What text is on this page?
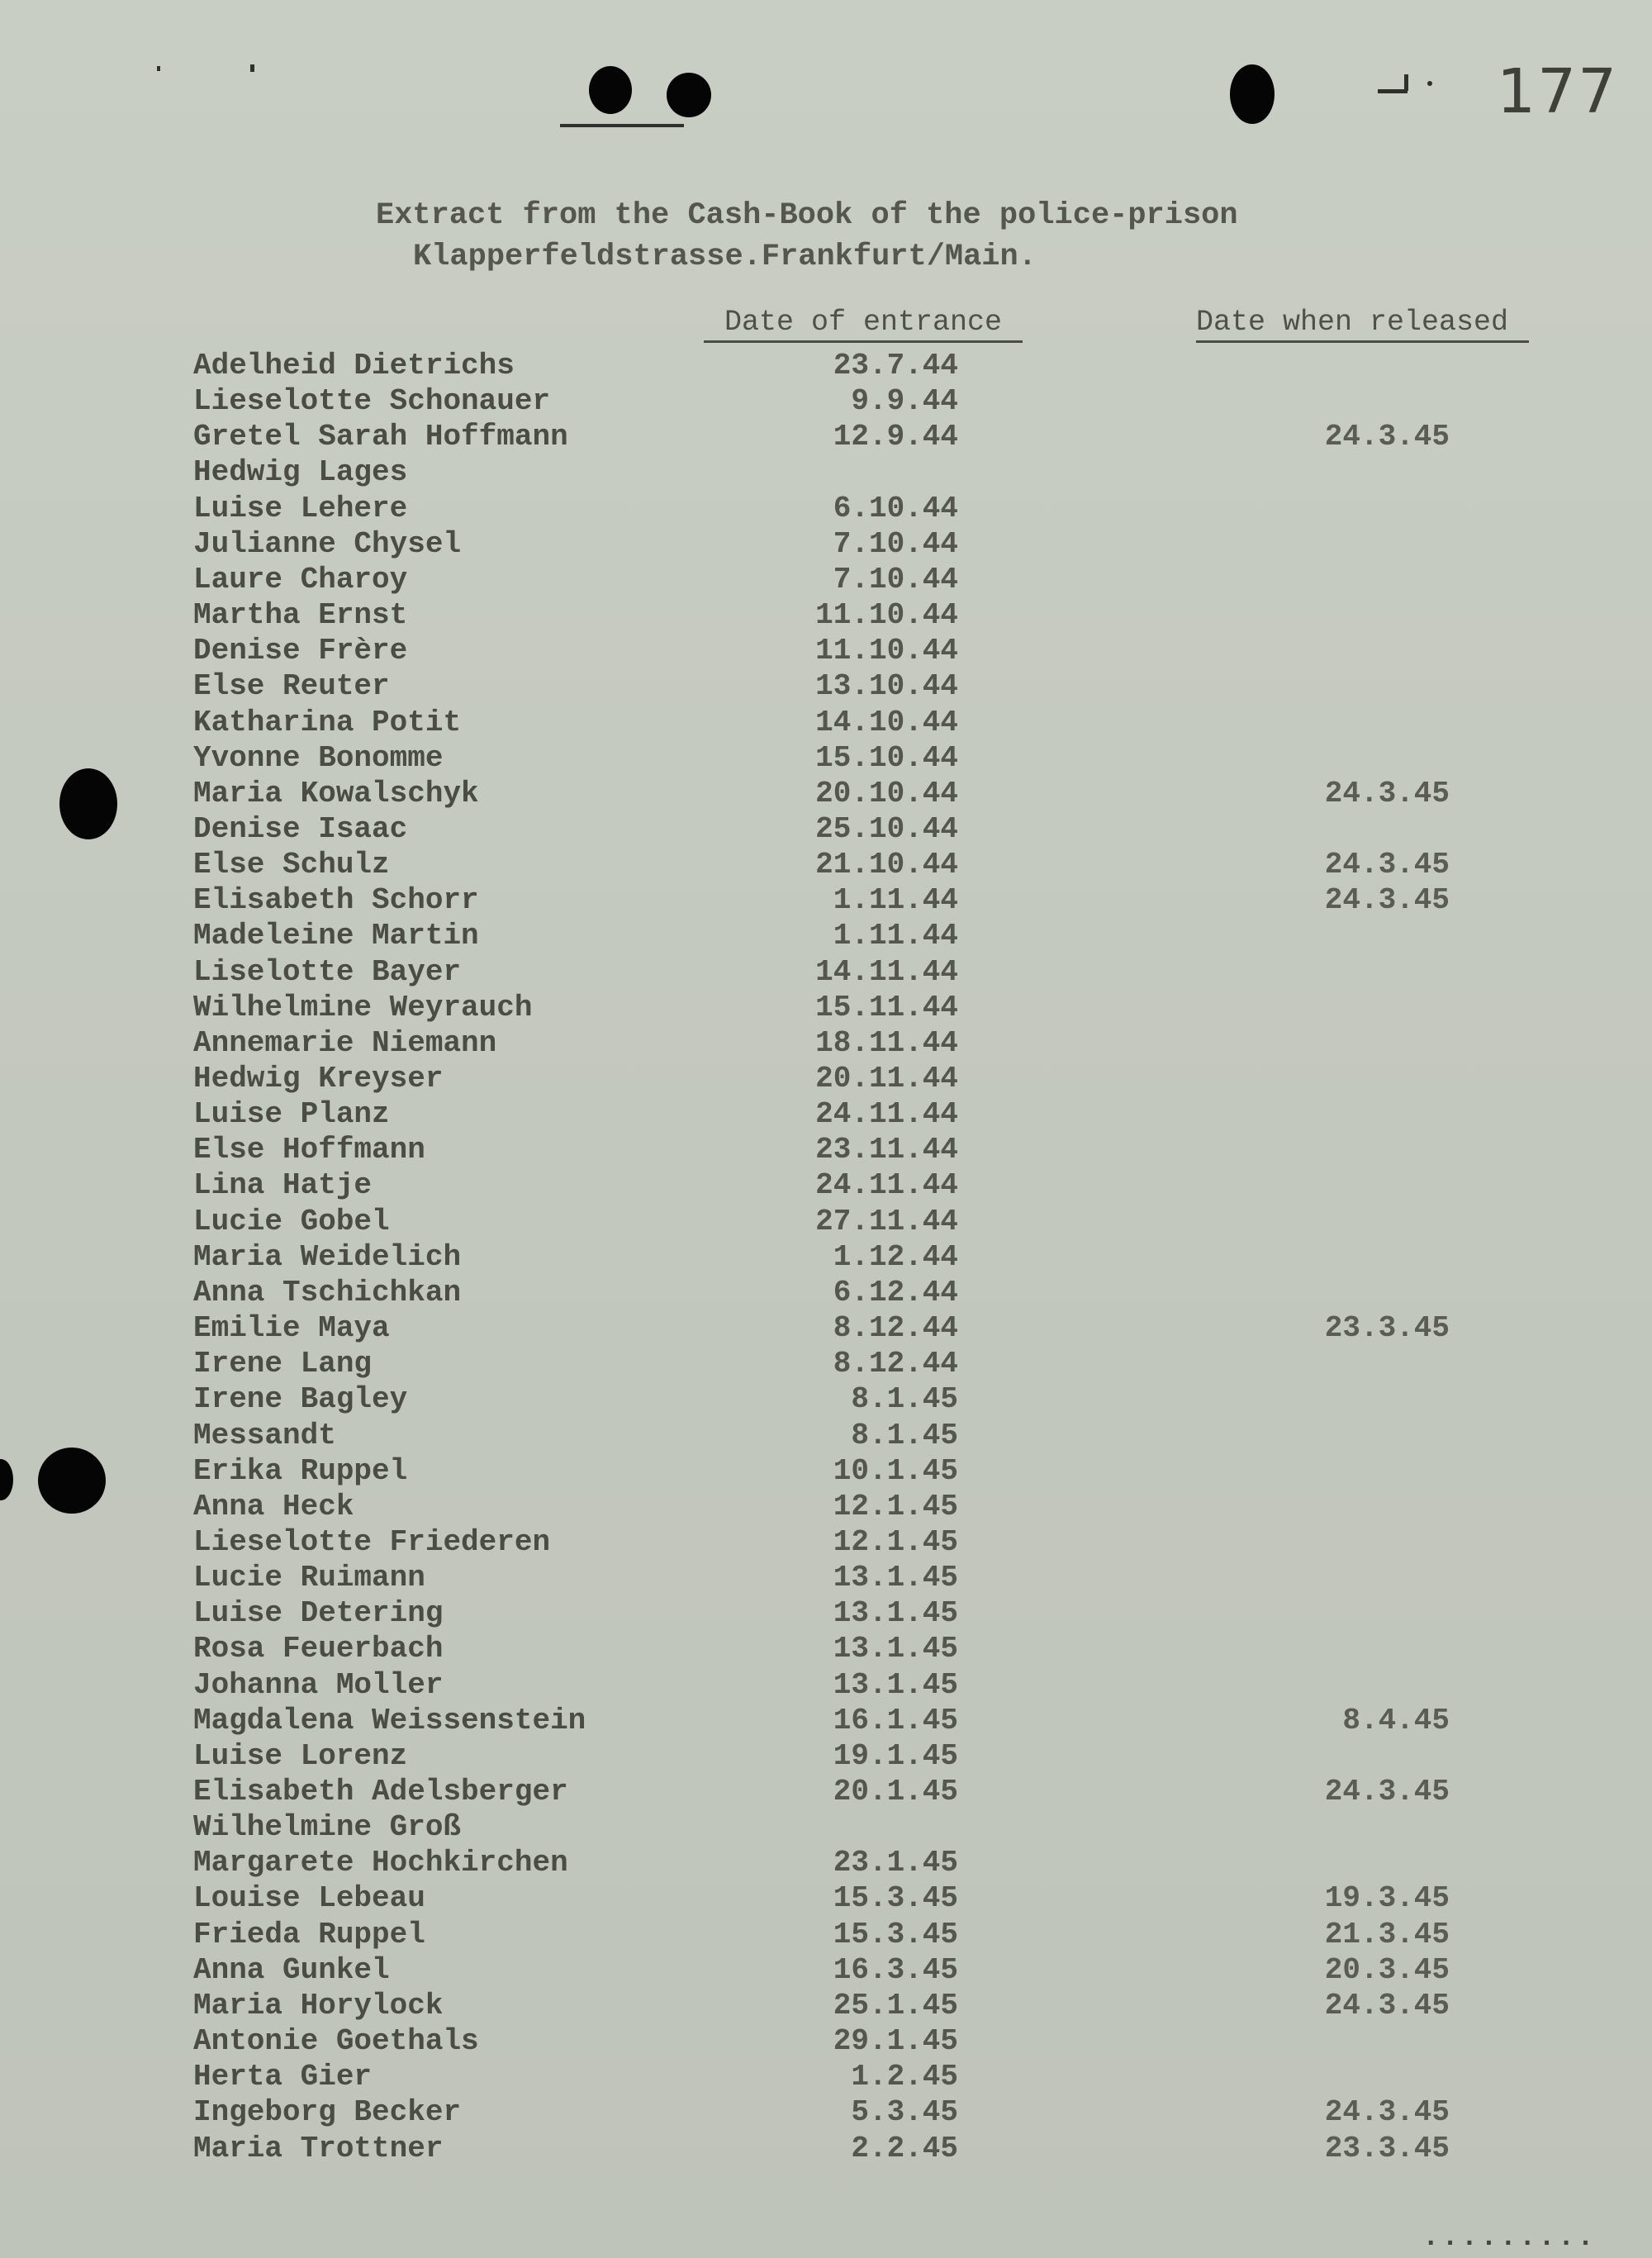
177
Extract from the Cash-Book of the police-prison
Klapperfeldstrasse.Frankfurt/Main.
Date of entrance	Date when released
Adelheid Dietrichs	23.7.44
Lieselotte Schonauer	9.9.44
Gretel Sarah Hoffmann	12.9.44	24.3.45
Hedwig Lages
Luise Lehere	6.10.44
Julianne Chysel	7.10.44
Laure Charoy	7.10.44
Martha Ernst	11.10.44
Denise Frère	11.10.44
Else Reuter	13.10.44
Katharina Potit	14.10.44
Yvonne Bonomme	15.10.44
Maria Kowalschyk	20.10.44	24.3.45
Denise Isaac	25.10.44
Else Schulz	21.10.44	24.3.45
Elisabeth Schorr	1.11.44	24.3.45
Madeleine Martin	1.11.44
Liselotte Bayer	14.11.44
Wilhelmine Weyrauch	15.11.44
Annemarie Niemann	18.11.44
Hedwig Kreyser	20.11.44
Luise Planz	24.11.44
Else Hoffmann	23.11.44
Lina Hatje	24.11.44
Lucie Gobel	27.11.44
Maria Weidelich	1.12.44
Anna Tschichkan	6.12.44
Emilie Maya	8.12.44	23.3.45
Irene Lang	8.12.44
Irene Bagley	8.1.45
Messandt	8.1.45
Erika Ruppel	10.1.45
Anna Heck	12.1.45
Lieselotte Friederen	12.1.45
Lucie Ruimann	13.1.45
Luise Detering	13.1.45
Rosa Feuerbach	13.1.45
Johanna Moller	13.1.45
Magdalena Weissenstein	16.1.45	8.4.45
Luise Lorenz	19.1.45
Elisabeth Adelsberger	20.1.45	24.3.45
Wilhelmine Groß
Margarete Hochkirchen	23.1.45
Louise Lebeau	15.3.45	19.3.45
Frieda Ruppel	15.3.45	21.3.45
Anna Gunkel	16.3.45	20.3.45
Maria Horylock	25.1.45	24.3.45
Antonie Goethals	29.1.45
Herta Gier	1.2.45
Ingeborg Becker	5.3.45	24.3.45
Maria Trottner	2.2.45	23.3.45
.........
